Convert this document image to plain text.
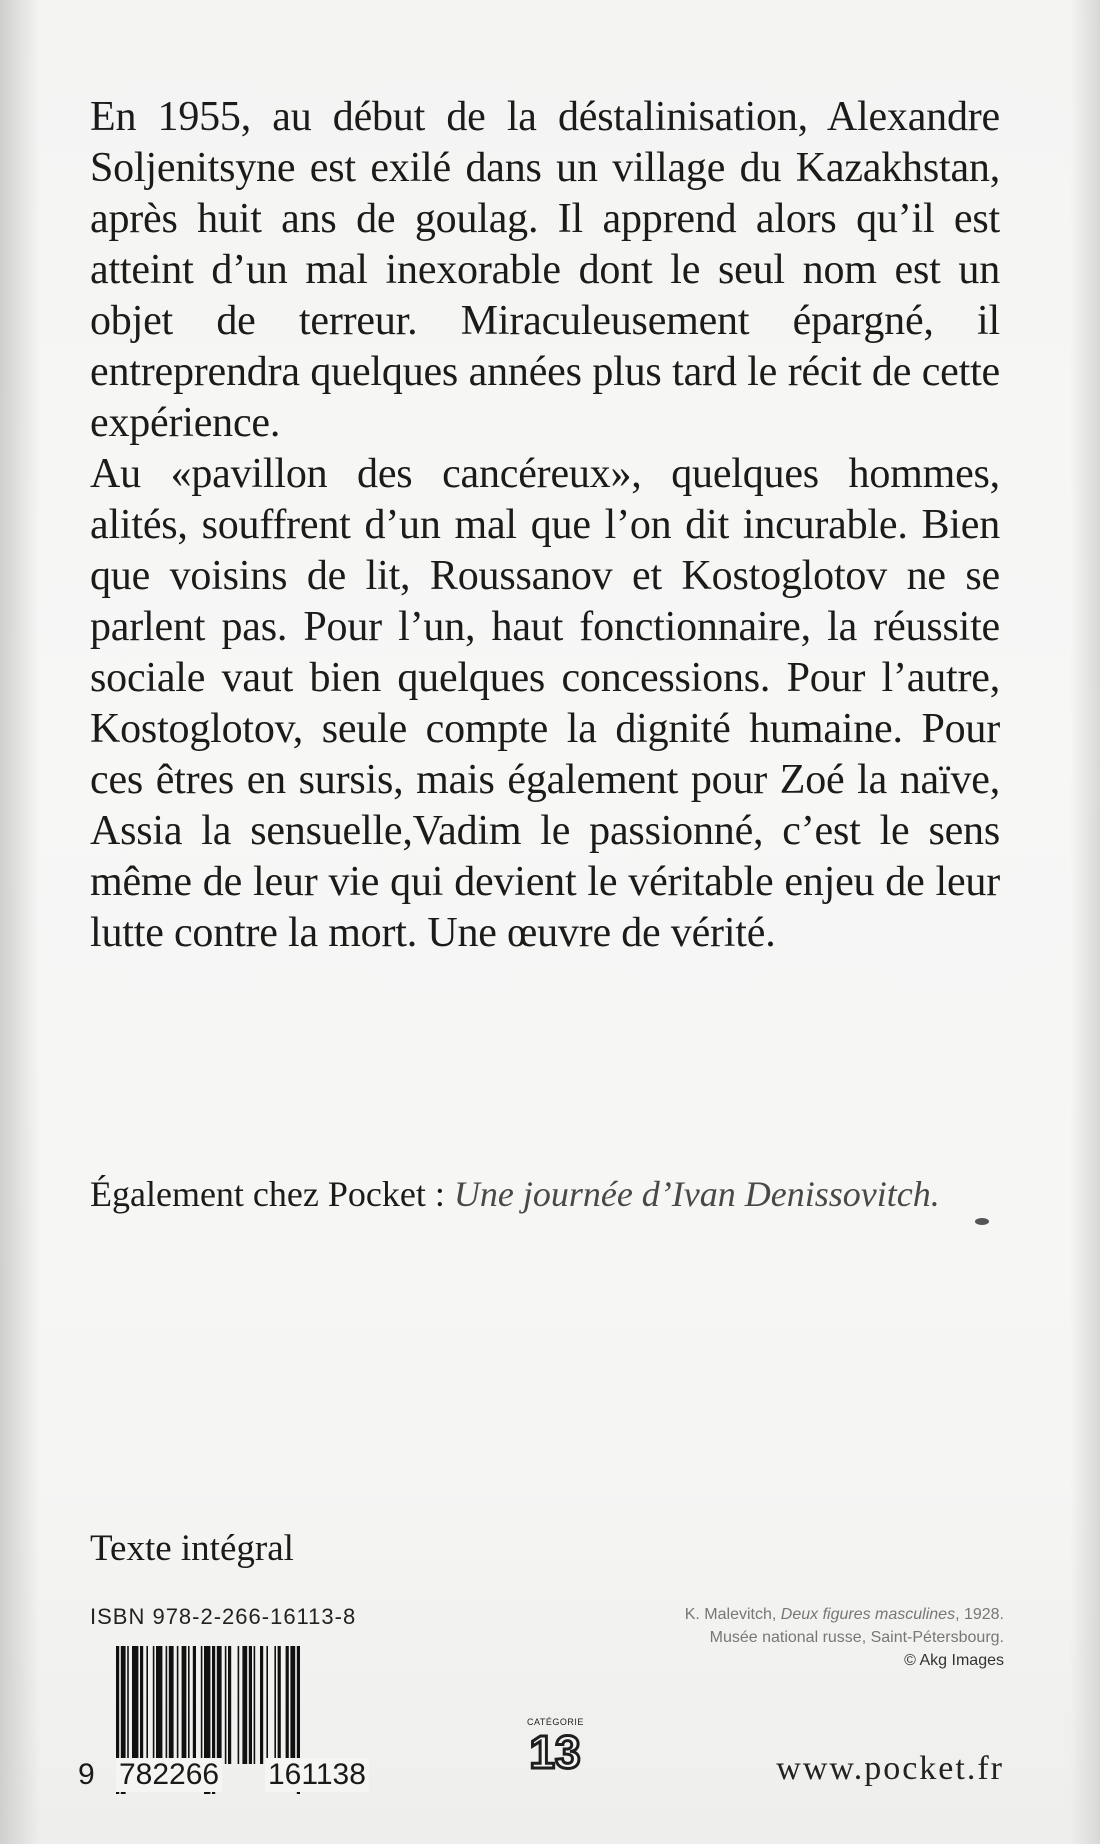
En 1955, au début de la déstalinisation, Alexandre Soljenitsyne est exilé dans un village du Kazakhstan, après huit ans de goulag. Il apprend alors qu’il est atteint d’un mal inexorable dont le seul nom est un objet de terreur. Miraculeusement épargné, il entreprendra quelques années plus tard le récit de cette expérience.

Au «pavillon des cancéreux», quelques hommes, alités, souffrent d’un mal que l’on dit incurable. Bien que voisins de lit, Roussanov et Kostoglotov ne se parlent pas. Pour l’un, haut fonctionnaire, la réussite sociale vaut bien quelques concessions. Pour l’autre, Kostoglotov, seule compte la dignité humaine. Pour ces êtres en sursis, mais également pour Zoé la naïve, Assia la sensuelle,Vadim le passionné, c’est le sens même de leur vie qui devient le véritable enjeu de leur lutte contre la mort. Une œuvre de vérité.

Également chez Pocket : Une journée d’Ivan Denissovitch.
Texte intégral
ISBN 978-2-266-16113-8
9 782266 161138
CATÉGORIE
13
K. Malevitch, Deux figures masculines, 1928.
Musée national russe, Saint-Pétersbourg.
© Akg Images
www.pocket.fr
